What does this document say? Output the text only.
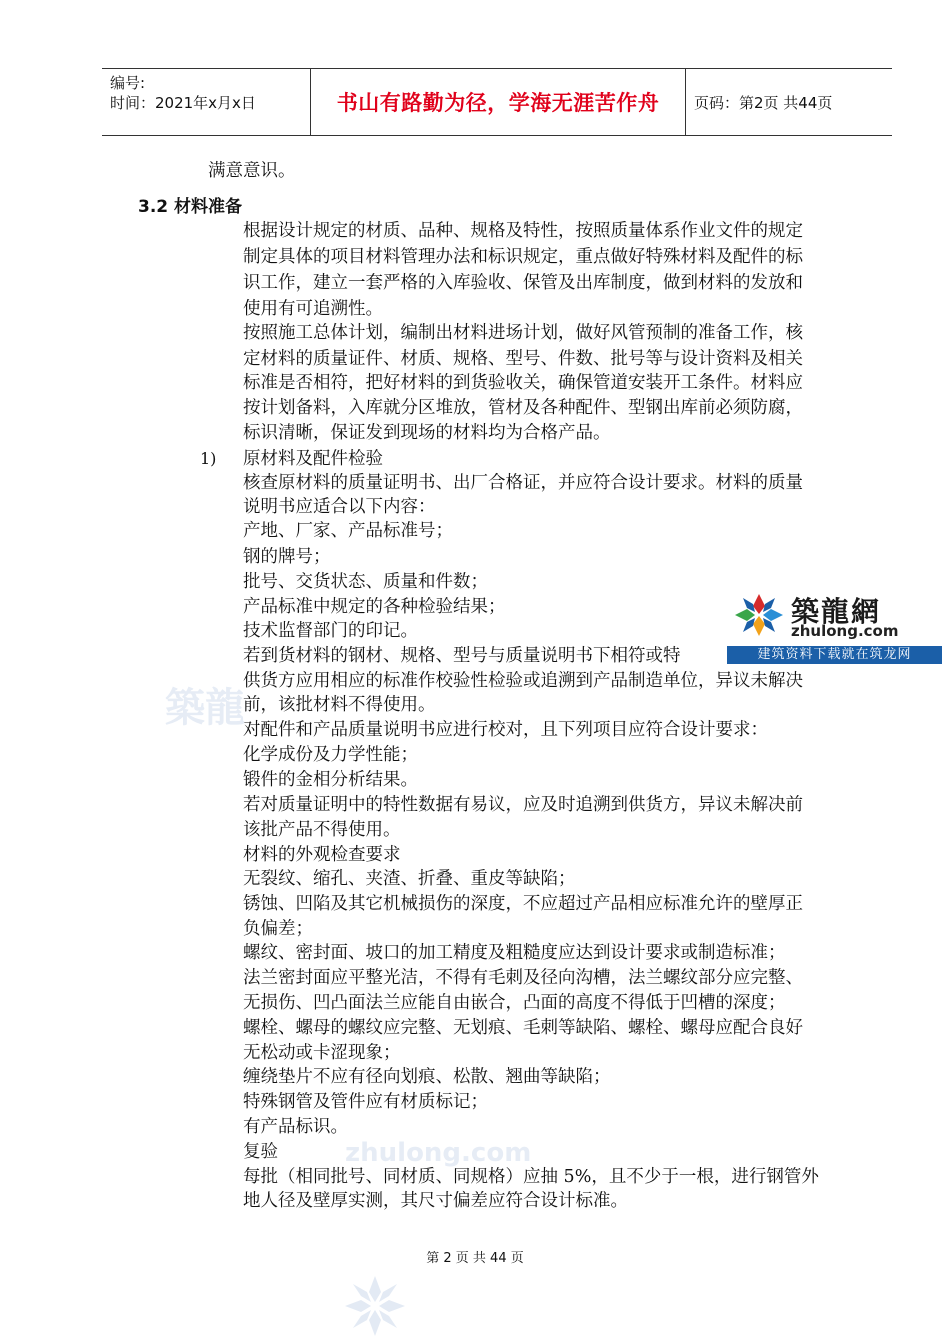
编号:
时间：2021年x月x日	书山有路勤为径，学海无涯苦作舟	页码：第2页 共44页
满意意识。
3.2 材料准备
根据设计规定的材质、品种、规格及特性，按照质量体系作业文件的规定
制定具体的项目材料管理办法和标识规定，重点做好特殊材料及配件的标
识工作，建立一套严格的入库验收、保管及出库制度，做到材料的发放和
使用有可追溯性。
按照施工总体计划，编制出材料进场计划，做好风管预制的准备工作，核
定材料的质量证件、材质、规格、型号、件数、批号等与设计资料及相关
标准是否相符，把好材料的到货验收关，确保管道安装开工条件。材料应
按计划备料，入库就分区堆放，管材及各种配件、型钢出库前必须防腐，
标识清晰，保证发到现场的材料均为合格产品。
1) 原材料及配件检验
核查原材料的质量证明书、出厂合格证，并应符合设计要求。材料的质量
说明书应适合以下内容：
产地、厂家、产品标准号；
钢的牌号；
批号、交货状态、质量和件数；
产品标准中规定的各种检验结果；
技术监督部门的印记。
若到货材料的钢材、规格、型号与质量说明书下相符或特
供货方应用相应的标准作校验性检验或追溯到产品制造单位，异议未解决
前，该批材料不得使用。
对配件和产品质量说明书应进行校对，且下列项目应符合设计要求：
化学成份及力学性能；
锻件的金相分析结果。
若对质量证明中的特性数据有易议，应及时追溯到供货方，异议未解决前
该批产品不得使用。
材料的外观检查要求
无裂纹、缩孔、夹渣、折叠、重皮等缺陷；
锈蚀、凹陷及其它机械损伤的深度，不应超过产品相应标准允许的壁厚正
负偏差；
螺纹、密封面、坡口的加工精度及粗糙度应达到设计要求或制造标准；
法兰密封面应平整光洁，不得有毛刺及径向沟槽，法兰螺纹部分应完整、
无损伤、凹凸面法兰应能自由嵌合，凸面的高度不得低于凹槽的深度；
螺栓、螺母的螺纹应完整、无划痕、毛刺等缺陷、螺栓、螺母应配合良好
无松动或卡涩现象；
缠绕垫片不应有径向划痕、松散、翘曲等缺陷；
特殊钢管及管件应有材质标记；
有产品标识。
复验
每批（相同批号、同材质、同规格）应抽 5%，且不少于一根，进行钢管外
地人径及壁厚实测，其尺寸偏差应符合设计标准。
築龍
zhulong.com
築龍網
zhulong.com
建筑资料下载就在筑龙网
第 2 页 共 44 页
